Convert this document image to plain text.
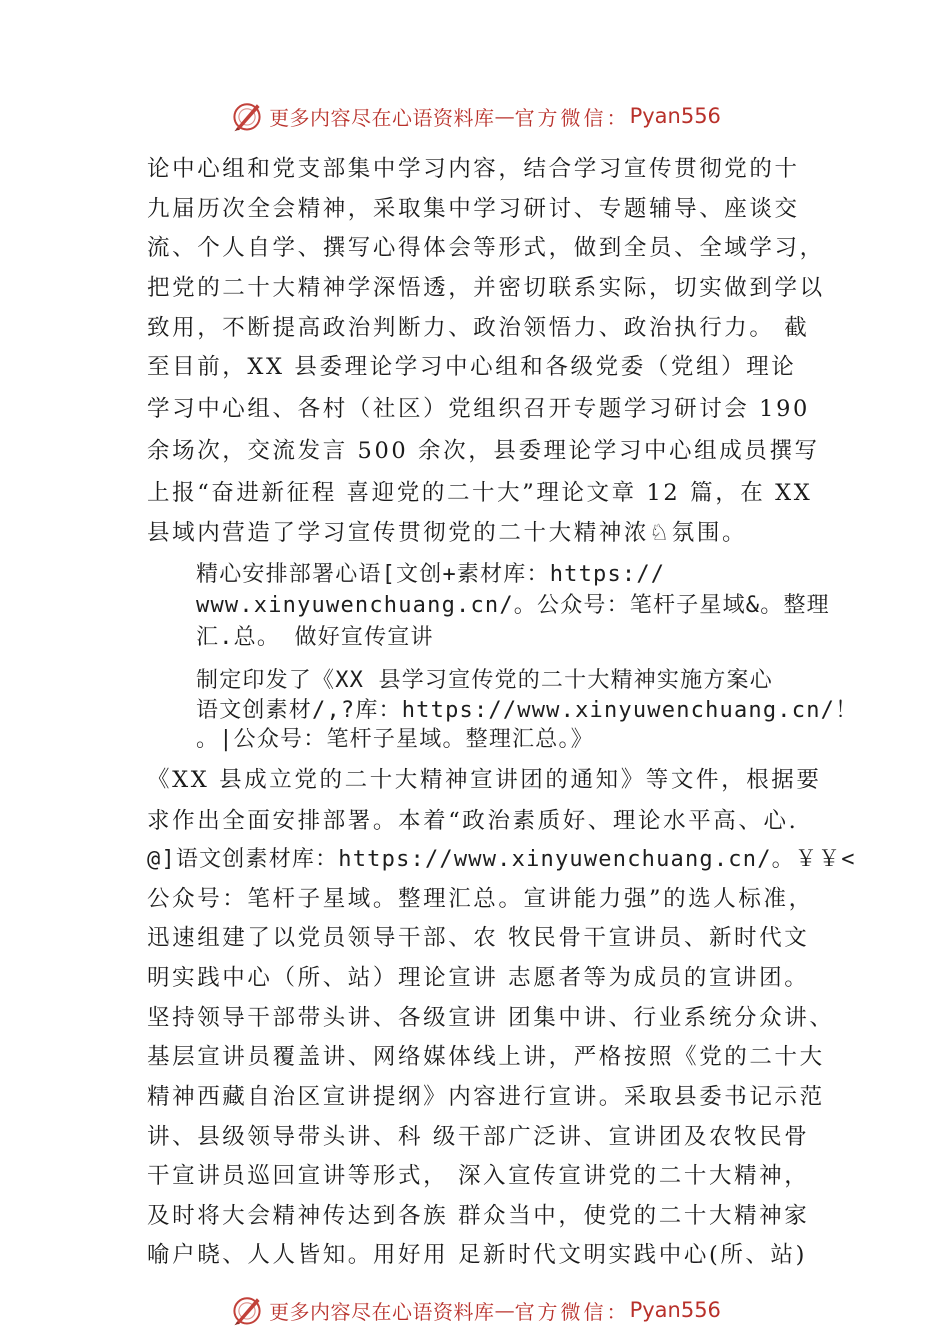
更多内容尽在心语资料库 — 官方微信： Pyan556
论中心组和党支部集中学习内容，结合学习宣传贯彻党的十
九届历次全会精神，采取集中学习研讨、专题辅导、座谈交
流、个人自学、撰写心得体会等形式，做到全员、全域学习，
把党的二十大精神学深悟透，并密切联系实际，切实做到学以
致用，不断提高政治判断力、政治领悟力、政治执行力。 截
至目前，XX 县委理论学习中心组和各级党委（党组）理论
学习中心组、各村（社区）党组织召开专题学习研讨会 190
余场次，交流发言 500 余次，县委理论学习中心组成员撰写
上报“奋进新征程 喜迎党的二十大”理论文章 12 篇，在 XX
县域内营造了学习宣传贯彻党的二十大精神浓♘氛围。
精心安排部署心语[文创+素材库：https://
www.xinyuwenchuang.cn/。公众号：笔杆子星域&。整理
汇.总。 做好宣传宣讲
制定印发了《XX 县学习宣传党的二十大精神实施方案心
语文创素材/,?库：https://www.xinyuwenchuang.cn/！
。|公众号：笔杆子星域。整理汇总。》
《XX 县成立党的二十大精神宣讲团的通知》等文件，根据要
求作出全面安排部署。本着“政治素质好、理论水平高、心.
@]语文创素材库：https://www.xinyuwenchuang.cn/。￥￥<
公众号：笔杆子星域。整理汇总。宣讲能力强”的选人标准，
迅速组建了以党员领导干部、农 牧民骨干宣讲员、新时代文
明实践中心（所、站）理论宣讲 志愿者等为成员的宣讲团。
坚持领导干部带头讲、各级宣讲 团集中讲、行业系统分众讲、
基层宣讲员覆盖讲、网络媒体线上讲，严格按照《党的二十大
精神西藏自治区宣讲提纲》内容进行宣讲。采取县委书记示范
讲、县级领导带头讲、科 级干部广泛讲、宣讲团及农牧民骨
干宣讲员巡回宣讲等形式， 深入宣传宣讲党的二十大精神，
及时将大会精神传达到各族 群众当中，使党的二十大精神家
喻户晓、人人皆知。用好用 足新时代文明实践中心(所、站)
更多内容尽在心语资料库 — 官方微信： Pyan556
